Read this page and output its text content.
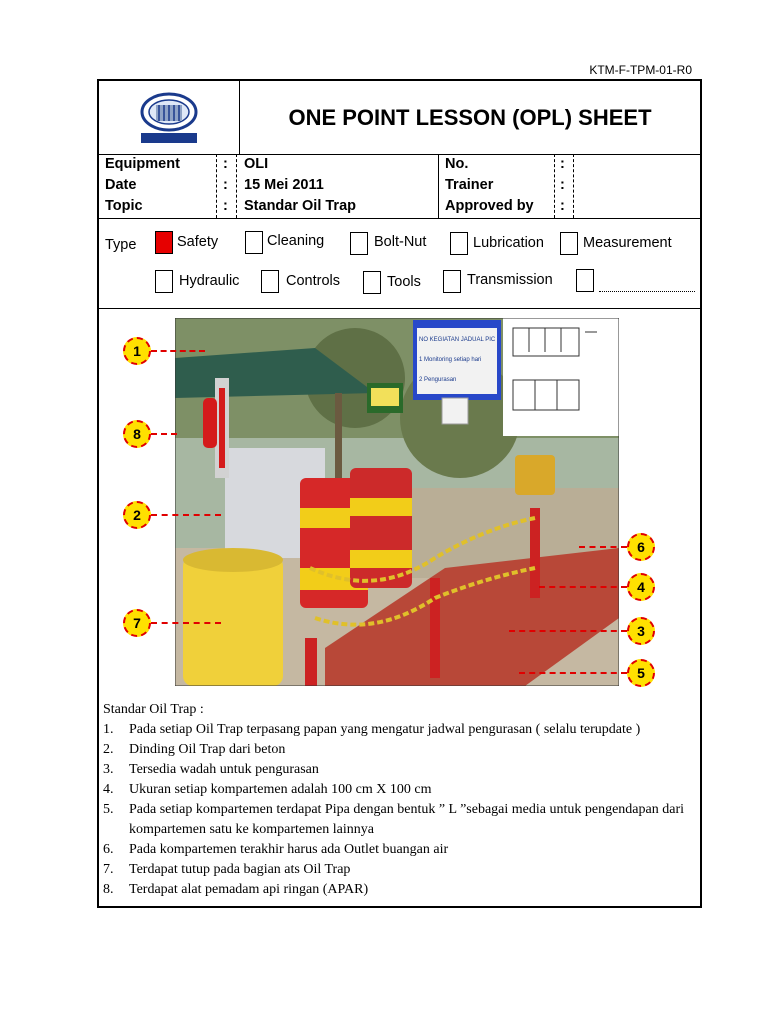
KTM-F-TPM-01-R0
ONE POINT LESSON (OPL) SHEET
Equipment	: OLI
Date	: 15 Mei 2011
Topic	: Standar Oil Trap
No.	:
Trainer	:
Approved by :
Type	Safety	Cleaning	Bolt-Nut	Lubrication	Measurement
Hydraulic	Controls	Tools	Transmission
NO KEGIATAN JADUAL PIC
1 Monitoring setiap hari
2 Pengurasan
1
8
2
7
6
4
3
5
Standar Oil Trap :
1. Pada setiap Oil Trap terpasang papan yang mengatur jadwal pengurasan ( selalu terupdate )
2. Dinding Oil Trap dari beton
3. Tersedia wadah untuk pengurasan
4. Ukuran setiap kompartemen adalah 100 cm X 100 cm
5. Pada setiap kompartemen terdapat Pipa dengan bentuk ” L ”sebagai media untuk pengendapan dari kompartemen satu ke kompartemen lainnya
6. Pada kompartemen terakhir harus ada Outlet buangan air
7. Terdapat tutup pada bagian ats Oil Trap
8. Terdapat alat pemadam api ringan (APAR)
